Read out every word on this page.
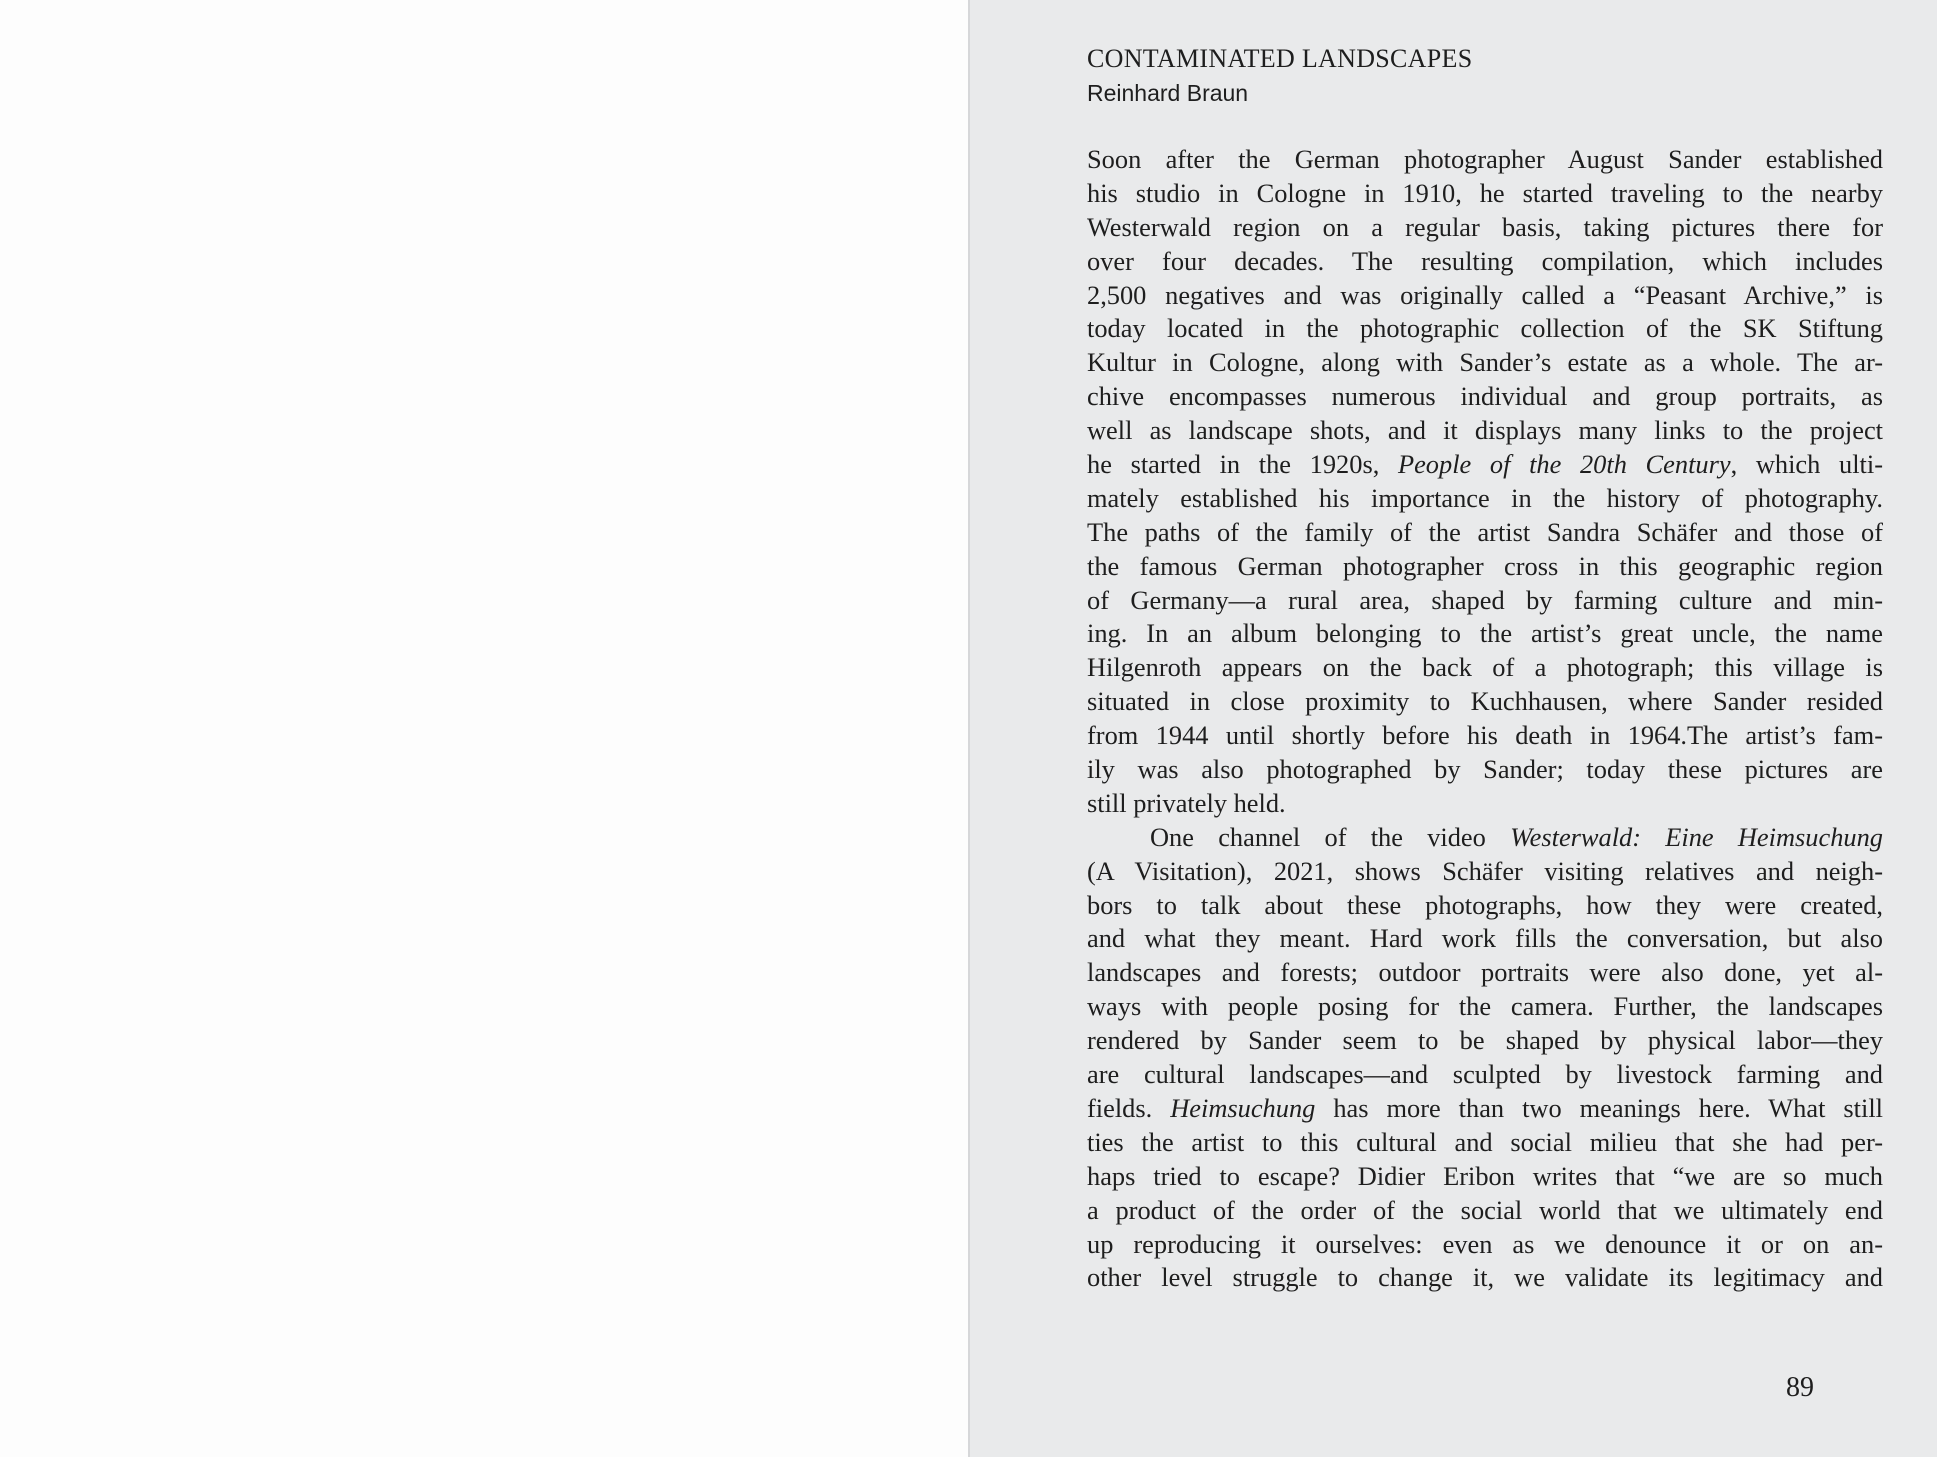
CONTAMINATED LANDSCAPES
Reinhard Braun
Soon after the German photographer August Sander established
his studio in Cologne in 1910, he started traveling to the nearby
Westerwald region on a regular basis, taking pictures there for
over four decades. The resulting compilation, which includes
2,500 negatives and was originally called a “Peasant Archive,” is
today located in the photographic collection of the SK Stiftung
Kultur in Cologne, along with Sander’s estate as a whole. The ar-
chive encompasses numerous individual and group portraits, as
well as landscape shots, and it displays many links to the project
he started in the 1920s, People of the 20th Century, which ulti-
mately established his importance in the history of photography.
The paths of the family of the artist Sandra Schäfer and those of
the famous German photographer cross in this geographic region
of Germany—a rural area, shaped by farming culture and min-
ing. In an album belonging to the artist’s great uncle, the name
Hilgenroth appears on the back of a photograph; this village is
situated in close proximity to Kuchhausen, where Sander resided
from 1944 until shortly before his death in 1964.The artist’s fam-
ily was also photographed by Sander; today these pictures are
still privately held.
One channel of the video Westerwald: Eine Heimsuchung
(A Visitation), 2021, shows Schäfer visiting relatives and neigh-
bors to talk about these photographs, how they were created,
and what they meant. Hard work fills the conversation, but also
landscapes and forests; outdoor portraits were also done, yet al-
ways with people posing for the camera. Further, the landscapes
rendered by Sander seem to be shaped by physical labor—they
are cultural landscapes—and sculpted by livestock farming and
fields. Heimsuchung has more than two meanings here. What still
ties the artist to this cultural and social milieu that she had per-
haps tried to escape? Didier Eribon writes that “we are so much
a product of the order of the social world that we ultimately end
up reproducing it ourselves: even as we denounce it or on an-
other level struggle to change it, we validate its legitimacy and
89
